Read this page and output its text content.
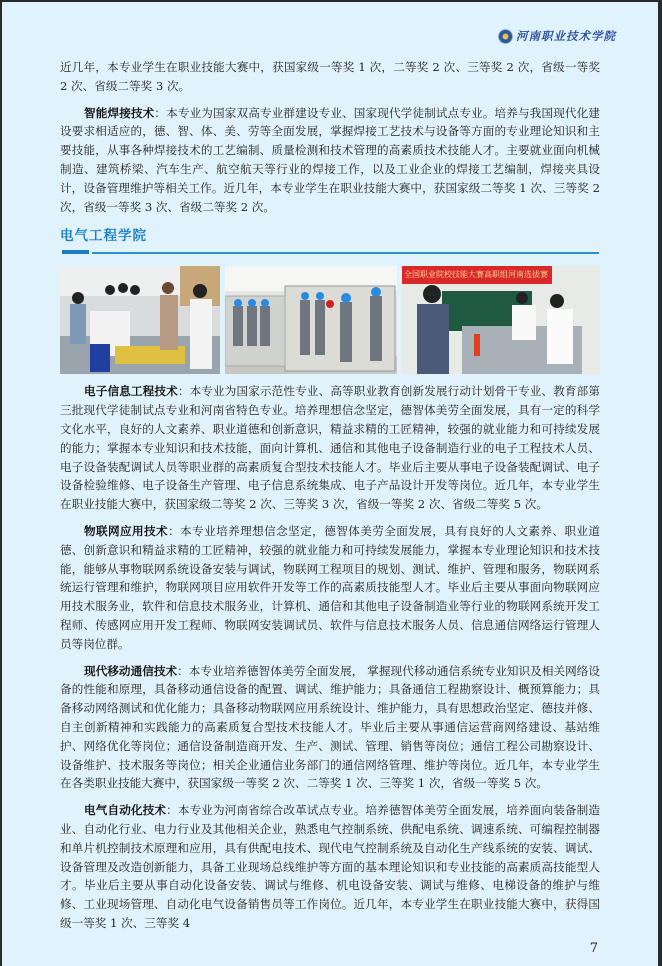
河南职业技术学院

近几年，本专业学生在职业技能大赛中，获国家级一等奖 1 次，二等奖 2 次、三等奖 2 次，省级一等奖 2 次、省级二等奖 3 次。

智能焊接技术：本专业为国家双高专业群建设专业、国家现代学徒制试点专业。培养与我国现代化建设要求相适应的，德、智、体、美、劳等全面发展，掌握焊接工艺技术与设备等方面的专业理论知识和主要技能，从事各种焊接技术的工艺编制、质量检测和技术管理的高素质技术技能人才。主要就业面向机械制造、建筑桥梁、汽车生产、航空航天等行业的焊接工作，以及工业企业的焊接工艺编制，焊接夹具设计，设备管理维护等相关工作。近几年，本专业学生在职业技能大赛中，获国家级二等奖 1 次、三等奖 2 次，省级一等奖 3 次、省级二等奖 2 次。

电气工程学院
全国职业院校技能大赛高职组河南选拔赛

电子信息工程技术：本专业为国家示范性专业、高等职业教育创新发展行动计划骨干专业、教育部第三批现代学徒制试点专业和河南省特色专业。培养理想信念坚定，德智体美劳全面发展，具有一定的科学文化水平，良好的人文素养、职业道德和创新意识，精益求精的工匠精神，较强的就业能力和可持续发展的能力；掌握本专业知识和技术技能，面向计算机、通信和其他电子设备制造行业的电子工程技术人员、电子设备装配调试人员等职业群的高素质复合型技术技能人才。毕业后主要从事电子设备装配调试、电子设备检验维修、电子设备生产管理、电子信息系统集成、电子产品设计开发等岗位。近几年，本专业学生在职业技能大赛中，获国家级二等奖 2 次、三等奖 3 次，省级一等奖 2 次、省级二等奖 5 次。

物联网应用技术：本专业培养理想信念坚定，德智体美劳全面发展，具有良好的人文素养、职业道德、创新意识和精益求精的工匠精神，较强的就业能力和可持续发展能力，掌握本专业理论知识和技术技能，能够从事物联网系统设备安装与调试，物联网工程项目的规划、测试、维护、管理和服务，物联网系统运行管理和维护，物联网项目应用软件开发等工作的高素质技能型人才。毕业后主要从事面向物联网应用技术服务业，软件和信息技术服务业，计算机、通信和其他电子设备制造业等行业的物联网系统开发工程师、传感网应用开发工程师、物联网安装调试员、软件与信息技术服务人员、信息通信网络运行管理人员等岗位群。

现代移动通信技术：本专业培养德智体美劳全面发展， 掌握现代移动通信系统专业知识及相关网络设备的性能和原理，具备移动通信设备的配置、调试、维护能力；具备通信工程勘察设计、概预算能力；具备移动网络测试和优化能力；具备移动物联网应用系统设计、维护能力，具有思想政治坚定、德技并修、自主创新精神和实践能力的高素质复合型技术技能人才。毕业后主要从事通信运营商网络建设、基站维护、网络优化等岗位；通信设备制造商开发、生产、测试、管理、销售等岗位；通信工程公司勘察设计、设备维护、技术服务等岗位；相关企业通信业务部门的通信网络管理、维护等岗位。近几年，本专业学生在各类职业技能大赛中，获国家级一等奖 2 次、二等奖 1 次、三等奖 1 次，省级一等奖 5 次。

电气自动化技术：本专业为河南省综合改革试点专业。培养德智体美劳全面发展，培养面向装备制造业、自动化行业、电力行业及其他相关企业，熟悉电气控制系统、供配电系统、调速系统、可编程控制器和单片机控制技术原理和应用，具有供配电技术、现代电气控制系统及自动化生产线系统的安装、调试、设备管理及改造创新能力，具备工业现场总线维护等方面的基本理论知识和专业技能的高素质高技能型人才。毕业后主要从事自动化设备安装、调试与维修、机电设备安装、调试与维修、电梯设备的维护与维修、工业现场管理、自动化电气设备销售员等工作岗位。近几年，本专业学生在职业技能大赛中，获得国级一等奖 1 次、三等奖 4

7
